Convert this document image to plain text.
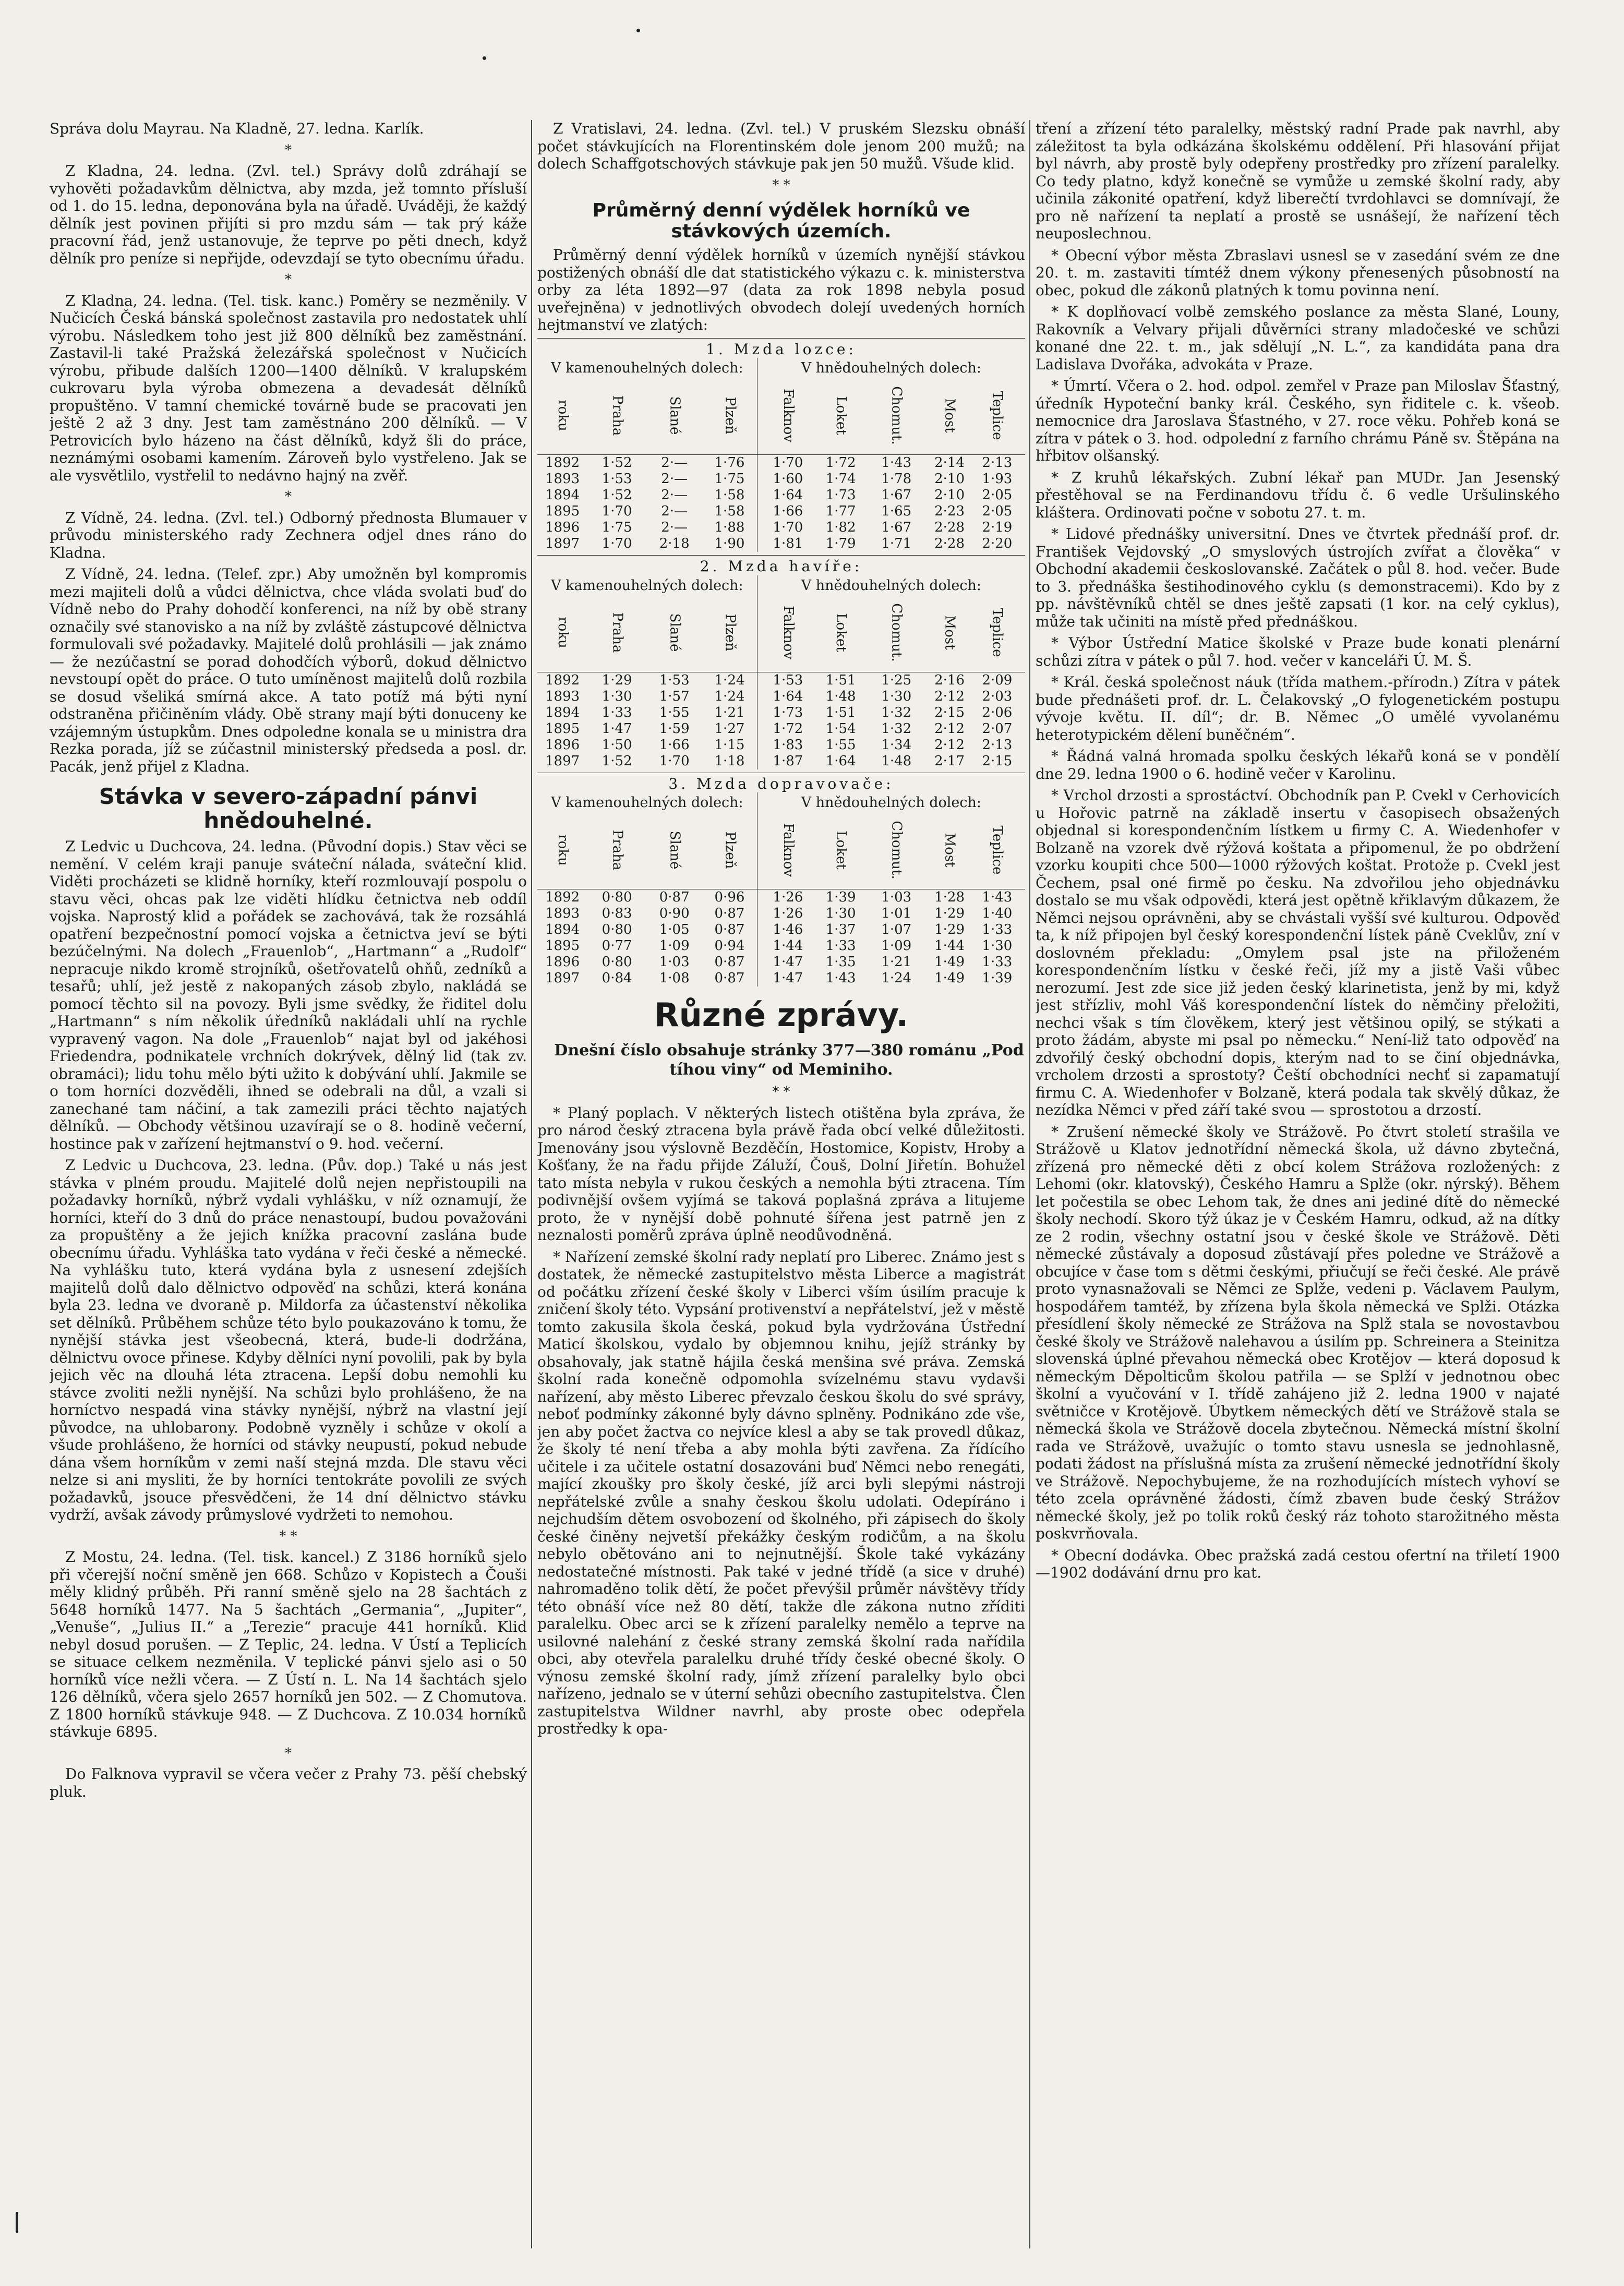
Správa dolu Mayrau. Na Kladně, 27. ledna. Karlík.

*

Z Kladna, 24. ledna. (Zvl. tel.) Správy dolů zdráhají se vyhověti požadavkům dělnictva, aby mzda, jež tomnto přísluší od 1. do 15. ledna, deponována byla na úřadě. Uváději, že každý dělník jest povinen přijíti si pro mzdu sám — tak prý káže pracovní řád, jenž ustanovuje, že teprve po pěti dnech, když dělník pro peníze si nepřijde, odevzdají se tyto obecnímu úřadu.

*

Z Kladna, 24. ledna. (Tel. tisk. kanc.) Poměry se nezměnily. V Nučicích Česká bánská společnost zastavila pro nedostatek uhlí výrobu. Následkem toho jest již 800 dělníků bez zaměstnání. Zastavil-li také Pražská železářská společnost v Nučicích výrobu, přibude dalších 1200—1400 dělníků. V kralupském cukrovaru byla výroba obmezena a devadesát dělníků propuštěno. V tamní chemické továrně bude se pracovati jen ještě 2 až 3 dny. Jest tam zaměstnáno 200 dělníků. — V Petrovicích bylo házeno na část dělníků, když šli do práce, neznámými osobami kamením. Zároveň bylo vystřeleno. Jak se ale vysvětlilo, vystřelil to nedávno hajný na zvěř.

*

Z Vídně, 24. ledna. (Zvl. tel.) Odborný přednosta Blumauer v průvodu ministerského rady Zechnera odjel dnes ráno do Kladna.

Z Vídně, 24. ledna. (Telef. zpr.) Aby umožněn byl kompromis mezi majiteli dolů a vůdci dělnictva, chce vláda svolati buď do Vídně nebo do Prahy dohodčí konferenci, na níž by obě strany označily své stanovisko a na níž by zvláště zástupcové dělnictva formulovali své požadavky. Majitelé dolů prohlásili — jak známo — že nezúčastní se porad dohodčích výborů, dokud dělnictvo nevstoupí opět do práce. O tuto umíněnost majitelů dolů rozbila se dosud všeliká smírná akce. A tato potíž má býti nyní odstraněna přičiněním vlády. Obě strany mají býti donuceny ke vzájemným ústupkům. Dnes odpoledne konala se u ministra dra Rezka porada, jíž se zúčastnil ministerský předseda a posl. dr. Pacák, jenž přijel z Kladna.

Stávka v severo-západní pánvi hnědouhelné.

Z Ledvic u Duchcova, 24. ledna. (Původní dopis.) Stav věci se nemění. V celém kraji panuje sváteční nálada, sváteční klid. Viděti procházeti se klidně horníky, kteří rozmlouvají pospolu o stavu věci, ohcas pak lze viděti hlídku četnictva neb oddíl vojska. Naprostý klid a pořádek se zachovává, tak že rozsáhlá opatření bezpečnostní pomocí vojska a četnictva jeví se býti bezúčelnými. Na dolech „Frauenlob“, „Hartmann“ a „Rudolf“ nepracuje nikdo kromě strojníků, ošetřovatelů ohňů, zedníků a tesařů; uhlí, jež jestě z nakopaných zásob zbylo, nakládá se pomocí těchto sil na povozy. Byli jsme svědky, že řiditel dolu „Hartmann“ s ním několik úředníků nakládali uhlí na rychle vypravený vagon. Na dole „Frauenlob“ najat byl od jakéhosi Friedendra, podnikatele vrchních dokrývek, dělný lid (tak zv. obramáci); lidu tohu mělo býti užito k dobývání uhlí. Jakmile se o tom horníci dozvěděli, ihned se odebrali na důl, a vzali si zanechané tam náčiní, a tak zamezili práci těchto najatých dělníků. — Obchody většinou uzavírají se o 8. hodině večerní, hostince pak v zařízení hejtmanství o 9. hod. večerní.

Z Ledvic u Duchcova, 23. ledna. (Pův. dop.) Také u nás jest stávka v plném proudu. Majitelé dolů nejen nepřistoupili na požadavky horníků, nýbrž vydali vyhlášku, v níž oznamují, že horníci, kteří do 3 dnů do práce nenastoupí, budou považováni za propuštěny a že jejich knížka pracovní zaslána bude obecnímu úřadu. Vyhláška tato vydána v řeči české a německé. Na vyhlášku tuto, která vydána byla z usnesení zdejších majitelů dolů dalo dělnictvo odpověď na schůzi, která konána byla 23. ledna ve dvoraně p. Mildorfa za účastenství několika set dělníků. Průběhem schůze této bylo poukazováno k tomu, že nynější stávka jest všeobecná, která, bude-li dodržána, dělnictvu ovoce přinese. Kdyby dělníci nyní povolili, pak by byla jejich věc na dlouhá léta ztracena. Lepší dobu nemohli ku stávce zvoliti nežli nynější. Na schůzi bylo prohlášeno, že na horníctvo nespadá vina stávky nynější, nýbrž na vlastní její původce, na uhlobarony. Podobně vyzněly i schůze v okolí a všude prohlášeno, že horníci od stávky neupustí, pokud nebude dána všem horníkům v zemi naší stejná mzda. Dle stavu věci nelze si ani mysliti, že by horníci tentokráte povolili ze svých požadavků, jsouce přesvědčeni, že 14 dní dělnictvo stávku vydrží, avšak závody průmyslové vydržeti to nemohou.

* *

Z Mostu, 24. ledna. (Tel. tisk. kancel.) Z 3186 horníků sjelo při včerejší noční směně jen 668. Schůzo v Kopistech a Čouši měly klidný průběh. Při ranní směně sjelo na 28 šachtách z 5648 horníků 1477. Na 5 šachtách „Germania“, „Jupiter“, „Venuše“, „Julius II.“ a „Terezie“ pracuje 441 horníků. Klid nebyl dosud porušen. — Z Teplic, 24. ledna. V Ústí a Teplicích se situace celkem nezměnila. V teplické pánvi sjelo asi o 50 horníků více nežli včera. — Z Ústí n. L. Na 14 šachtách sjelo 126 dělníků, včera sjelo 2657 horníků jen 502. — Z Chomutova. Z 1800 horníků stávkuje 948. — Z Duchcova. Z 10.034 horníků stávkuje 6895.

*

Do Falknova vypravil se včera večer z Prahy 73. pěší chebský pluk.

Z Vratislavi, 24. ledna. (Zvl. tel.) V pruském Slezsku obnáší počet stávkujících na Florentinském dole jenom 200 mužů; na dolech Schaffgotschových stávkuje pak jen 50 mužů. Všude klid.

* *
Průměrný denní výdělek horníků ve stávkových územích.

Průměrný denní výdělek horníků v územích nynější stávkou postižených obnáší dle dat statistického výkazu c. k. ministerstva orby za léta 1892—97 (data za rok 1898 nebyla posud uveřejněna) v jednotlivých obvodech dolejí uvedených horních hejtmanství ve zlatých:

1. Mzda lozce:
V kamenouhelných dolech:				V hnědouhelných dolech:				
roku	Praha	Slané	Plzeň	Falknov	Loket	Chomut.	Most	Teplice
1892	1·52	2·—	1·76	1·70	1·72	1·43	2·14	2·13
1893	1·53	2·—	1·75	1·60	1·74	1·78	2·10	1·93
1894	1·52	2·—	1·58	1·64	1·73	1·67	2·10	2·05
1895	1·70	2·—	1·58	1·66	1·77	1·65	2·23	2·05
1896	1·75	2·—	1·88	1·70	1·82	1·67	2·28	2·19
1897	1·70	2·18	1·90	1·81	1·79	1·71	2·28	2·20
2. Mzda havíře:
V kamenouhelných dolech:				V hnědouhelných dolech:				
roku	Praha	Slané	Plzeň	Falknov	Loket	Chomut.	Most	Teplice
1892	1·29	1·53	1·24	1·53	1·51	1·25	2·16	2·09
1893	1·30	1·57	1·24	1·64	1·48	1·30	2·12	2·03
1894	1·33	1·55	1·21	1·73	1·51	1·32	2·15	2·06
1895	1·47	1·59	1·27	1·72	1·54	1·32	2·12	2·07
1896	1·50	1·66	1·15	1·83	1·55	1·34	2·12	2·13
1897	1·52	1·70	1·18	1·87	1·64	1·48	2·17	2·15
3. Mzda dopravovače:
V kamenouhelných dolech:				V hnědouhelných dolech:				
roku	Praha	Slané	Plzeň	Falknov	Loket	Chomut.	Most	Teplice
1892	0·80	0·87	0·96	1·26	1·39	1·03	1·28	1·43
1893	0·83	0·90	0·87	1·26	1·30	1·01	1·29	1·40
1894	0·80	1·05	0·87	1·46	1·37	1·07	1·29	1·33
1895	0·77	1·09	0·94	1·44	1·33	1·09	1·44	1·30
1896	0·80	1·03	0·87	1·47	1·35	1·21	1·49	1·33
1897	0·84	1·08	0·87	1·47	1·43	1·24	1·49	1·39
Různé zprávy.

Dnešní číslo obsahuje stránky 377—380 románu „Pod tíhou viny“ od Meminiho.

* *

* Planý poplach. V některých listech otištěna byla zpráva, že pro národ český ztracena byla právě řada obcí velké důležitosti. Jmenovány jsou výslovně Bezděčín, Hostomice, Kopistv, Hroby a Košťany, že na řadu přijde Záluží, Čouš, Dolní Jiřetín. Bohužel tato místa nebyla v rukou českých a nemohla býti ztracena. Tím podivnější ovšem vyjímá se taková poplašná zpráva a litujeme proto, že v nynější době pohnuté šířena jest patrně jen z neznalosti poměrů zpráva úplně neodůvodněná.

* Nařízení zemské školní rady neplatí pro Liberec. Známo jest s dostatek, že německé zastupitelstvo města Liberce a magistrát od počátku zřízení české školy v Liberci vším úsilím pracuje k zničení školy této. Vypsání protivenství a nepřátelství, jež v městě tomto zakusila škola česká, pokud byla vydržována Ústřední Maticí školskou, vydalo by objemnou knihu, jejíž stránky by obsahovaly, jak statně hájila česká menšina své práva. Zemská školní rada konečně odpomohla svízelnému stavu vydavši nařízení, aby město Liberec převzalo českou školu do své správy, neboť podmínky zákonné byly dávno splněny. Podnikáno zde vše, jen aby počet žactva co nejvíce klesl a aby se tak provedl důkaz, že školy té není třeba a aby mohla býti zavřena. Za řídícího učitele i za učitele ostatní dosazováni buď Němci nebo renegáti, mající zkoušky pro školy české, jíž arci byli slepými nástroji nepřátelské zvůle a snahy českou školu udolati. Odepíráno i nejchudším dětem osvobození od školného, při zápisech do školy české činěny nejvetší překážky českým rodičům, a na školu nebylo obětováno ani to nejnutnější. Škole také vykázány nedostatečné místnosti. Pak také v jedné třídě (a sice v druhé) nahromaděno tolik dětí, že počet převýšil průměr návštěvy třídy této obnáší více než 80 dětí, takže dle zákona nutno zříditi paralelku. Obec arci se k zřízení paralelky nemělo a teprve na usilovné nalehání z české strany zemská školní rada nařídila obci, aby otevřela paralelku druhé třídy české obecné školy. O výnosu zemské školní rady, jímž zřízení paralelky bylo obci nařízeno, jednalo se v úterní sehůzi obecního zastupitelstva. Člen zastupitelstva Wildner navrhl, aby proste obec odepřela prostředky k opa-

tření a zřízení této paralelky, městský radní Prade pak navrhl, aby záležitost ta byla odkázána školskému oddělení. Při hlasování přijat byl návrh, aby prostě byly odepřeny prostředky pro zřízení paralelky. Co tedy platno, když konečně se vymůže u zemské školní rady, aby učinila zákonité opatření, když liberečtí tvrdohlavci se domnívají, že pro ně nařízení ta neplatí a prostě se usnášejí, že nařízení těch neuposlechnou.

* Obecní výbor města Zbraslavi usnesl se v zasedání svém ze dne 20. t. m. zastaviti tímtéž dnem výkony přenesených působností na obec, pokud dle zákonů platných k tomu povinna není.

* K doplňovací volbě zemského poslance za města Slané, Louny, Rakovník a Velvary přijali důvěrníci strany mladočeské ve schůzi konané dne 22. t. m., jak sdělují „N. L.“, za kandidáta pana dra Ladislava Dvořáka, advokáta v Praze.

* Úmrtí. Včera o 2. hod. odpol. zemřel v Praze pan Miloslav Šťastný, úředník Hypoteční banky král. Českého, syn řiditele c. k. všeob. nemocnice dra Jaroslava Šťastného, v 27. roce věku. Pohřeb koná se zítra v pátek o 3. hod. odpolední z farního chrámu Páně sv. Štěpána na hřbitov olšanský.

* Z kruhů lékařských. Zubní lékař pan MUDr. Jan Jesenský přestěhoval se na Ferdinandovu třídu č. 6 vedle Uršulinského kláštera. Ordinovati počne v sobotu 27. t. m.

* Lidové přednášky universitní. Dnes ve čtvrtek přednáší prof. dr. František Vejdovský „O smyslových ústrojích zvířat a člověka“ v Obchodní akademii českoslovanské. Začátek o půl 8. hod. večer. Bude to 3. přednáška šestihodinového cyklu (s demonstracemi). Kdo by z pp. návštěvníků chtěl se dnes ještě zapsati (1 kor. na celý cyklus), může tak učiniti na místě před přednáškou.

* Výbor Ústřední Matice školské v Praze bude konati plenární schůzi zítra v pátek o půl 7. hod. večer v kanceláři Ú. M. Š.

* Král. česká společnost náuk (třída mathem.-přírodn.) Zítra v pátek bude přednášeti prof. dr. L. Čelakovský „O fylogenetickém postupu vývoje květu. II. díl“; dr. B. Němec „O umělé vyvolanému heterotypickém dělení buněčném“.

* Řádná valná hromada spolku českých lékařů koná se v pondělí dne 29. ledna 1900 o 6. hodině večer v Karolinu.

* Vrchol drzosti a sprostáctví. Obchodník pan P. Cvekl v Cerhovicích u Hořovic patrně na základě insertu v časopisech obsažených objednal si korespondenčním lístkem u firmy C. A. Wiedenhofer v Bolzaně na vzorek dvě rýžová koštata a připomenul, že po obdržení vzorku koupiti chce 500—1000 rýžových koštat. Protože p. Cvekl jest Čechem, psal oné firmě po česku. Na zdvořilou jeho objednávku dostalo se mu však odpovědi, která jest opětně křiklavým důkazem, že Němci nejsou oprávněni, aby se chvástali vyšší své kulturou. Odpověď ta, k níž připojen byl český korespondenční lístek páně Cveklův, zní v doslovném překladu: „Omylem psal jste na přiloženém korespondenčním lístku v české řeči, jíž my a jistě Vaši vůbec nerozumí. Jest zde sice již jeden český klarinetista, jenž by mi, když jest střízliv, mohl Váš korespondenční lístek do němčiny přeložiti, nechci však s tím člověkem, který jest většinou opilý, se stýkati a proto žádám, abyste mi psal po německu.“ Není-liž tato odpověď na zdvořilý český obchodní dopis, kterým nad to se činí objednávka, vrcholem drzosti a sprostoty? Čeští obchodníci nechť si zapamatují firmu C. A. Wiedenhofer v Bolzaně, která podala tak skvělý důkaz, že nezídka Němci v před září také svou — sprostotou a drzostí.

* Zrušení německé školy ve Strážově. Po čtvrt století strašila ve Strážově u Klatov jednotřídní německá škola, už dávno zbytečná, zřízená pro německé děti z obcí kolem Strážova rozložených: z Lehomi (okr. klatovský), Českého Hamru a Splže (okr. nýrský). Během let počestila se obec Lehom tak, že dnes ani jediné dítě do německé školy nechodí. Skoro týž úkaz je v Českém Hamru, odkud, až na dítky ze 2 rodin, všechny ostatní jsou v české škole ve Strážově. Děti německé zůstávaly a doposud zůstávají přes poledne ve Strážově a obcujíce v čase tom s dětmi českými, přiučují se řeči české. Ale právě proto vynasnažovali se Němci ze Splže, vedeni p. Václavem Paulym, hospodářem tamtéž, by zřízena byla škola německá ve Splži. Otázka přesídlení školy německé ze Strážova na Splž stala se novostavbou české školy ve Strážově nalehavou a úsilím pp. Schreinera a Steinitza slovenská úplné převahou německá obec Krotějov — která doposud k německým Děpolticům školou patřila — se Splží v jednotnou obec školní a vyučování v I. třídě zahájeno již 2. ledna 1900 v najaté světničce v Krotějově. Úbytkem německých dětí ve Strážově stala se německá škola ve Strážově docela zbytečnou. Německá místní školní rada ve Strážově, uvažujíc o tomto stavu usnesla se jednohlasně, podati žádost na příslušná místa za zrušení německé jednotřídní školy ve Strážově. Nepochybujeme, že na rozhodujících místech vyhoví se této zcela oprávněné žádosti, čímž zbaven bude český Strážov německé školy, jež po tolik roků český ráz tohoto starožitného města poskvrňovala.

* Obecní dodávka. Obec pražská zadá cestou ofertní na třiletí 1900—1902 dodávání drnu pro kat.
